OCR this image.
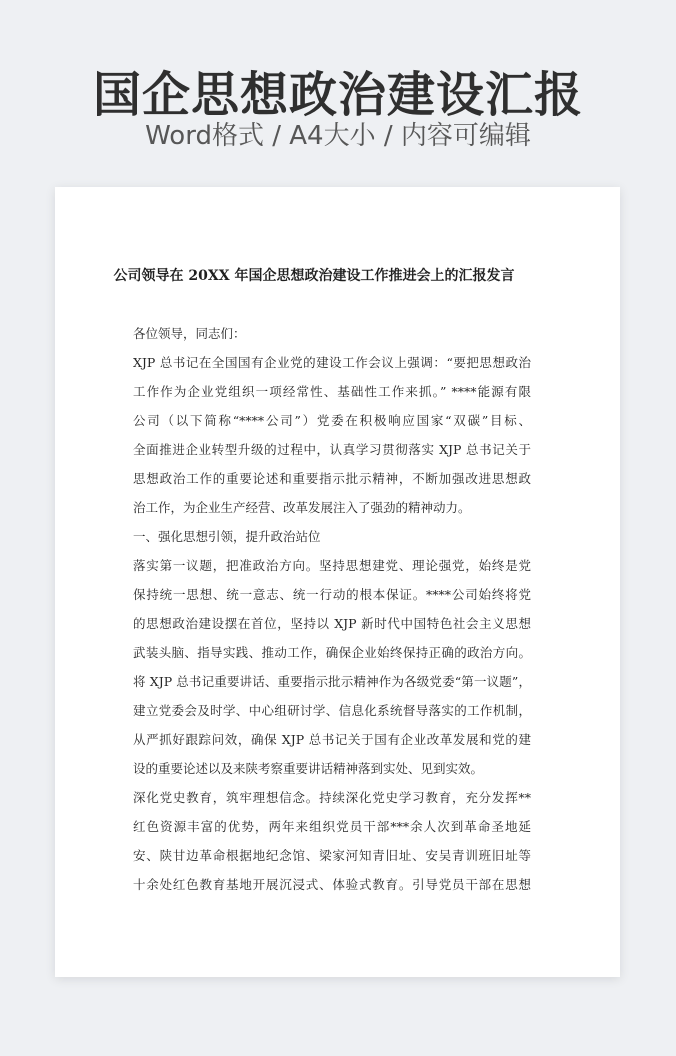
国企思想政治建设汇报
Word格式 / A4大小 / 内容可编辑
公司领导在 20XX 年国企思想政治建设工作推进会上的汇报发言
各位领导，同志们：
XJP 总书记在全国国有企业党的建设工作会议上强调：“要把思想政治
工作作为企业党组织一项经常性、基础性工作来抓。” ****能源有限
公司（以下简称“****公司”）党委在积极响应国家“双碳”目标、
全面推进企业转型升级的过程中，认真学习贯彻落实 XJP 总书记关于
思想政治工作的重要论述和重要指示批示精神，不断加强改进思想政
治工作，为企业生产经营、改革发展注入了强劲的精神动力。
一、强化思想引领，提升政治站位
落实第一议题，把准政治方向。坚持思想建党、理论强党，始终是党
保持统一思想、统一意志、统一行动的根本保证。****公司始终将党
的思想政治建设摆在首位，坚持以 XJP 新时代中国特色社会主义思想
武装头脑、指导实践、推动工作，确保企业始终保持正确的政治方向。
将 XJP 总书记重要讲话、重要指示批示精神作为各级党委“第一议题”，
建立党委会及时学、中心组研讨学、信息化系统督导落实的工作机制，
从严抓好跟踪问效，确保 XJP 总书记关于国有企业改革发展和党的建
设的重要论述以及来陕考察重要讲话精神落到实处、见到实效。
深化党史教育，筑牢理想信念。持续深化党史学习教育，充分发挥**
红色资源丰富的优势，两年来组织党员干部***余人次到革命圣地延
安、陕甘边革命根据地纪念馆、梁家河知青旧址、安吴青训班旧址等
十余处红色教育基地开展沉浸式、体验式教育。引导党员干部在思想
